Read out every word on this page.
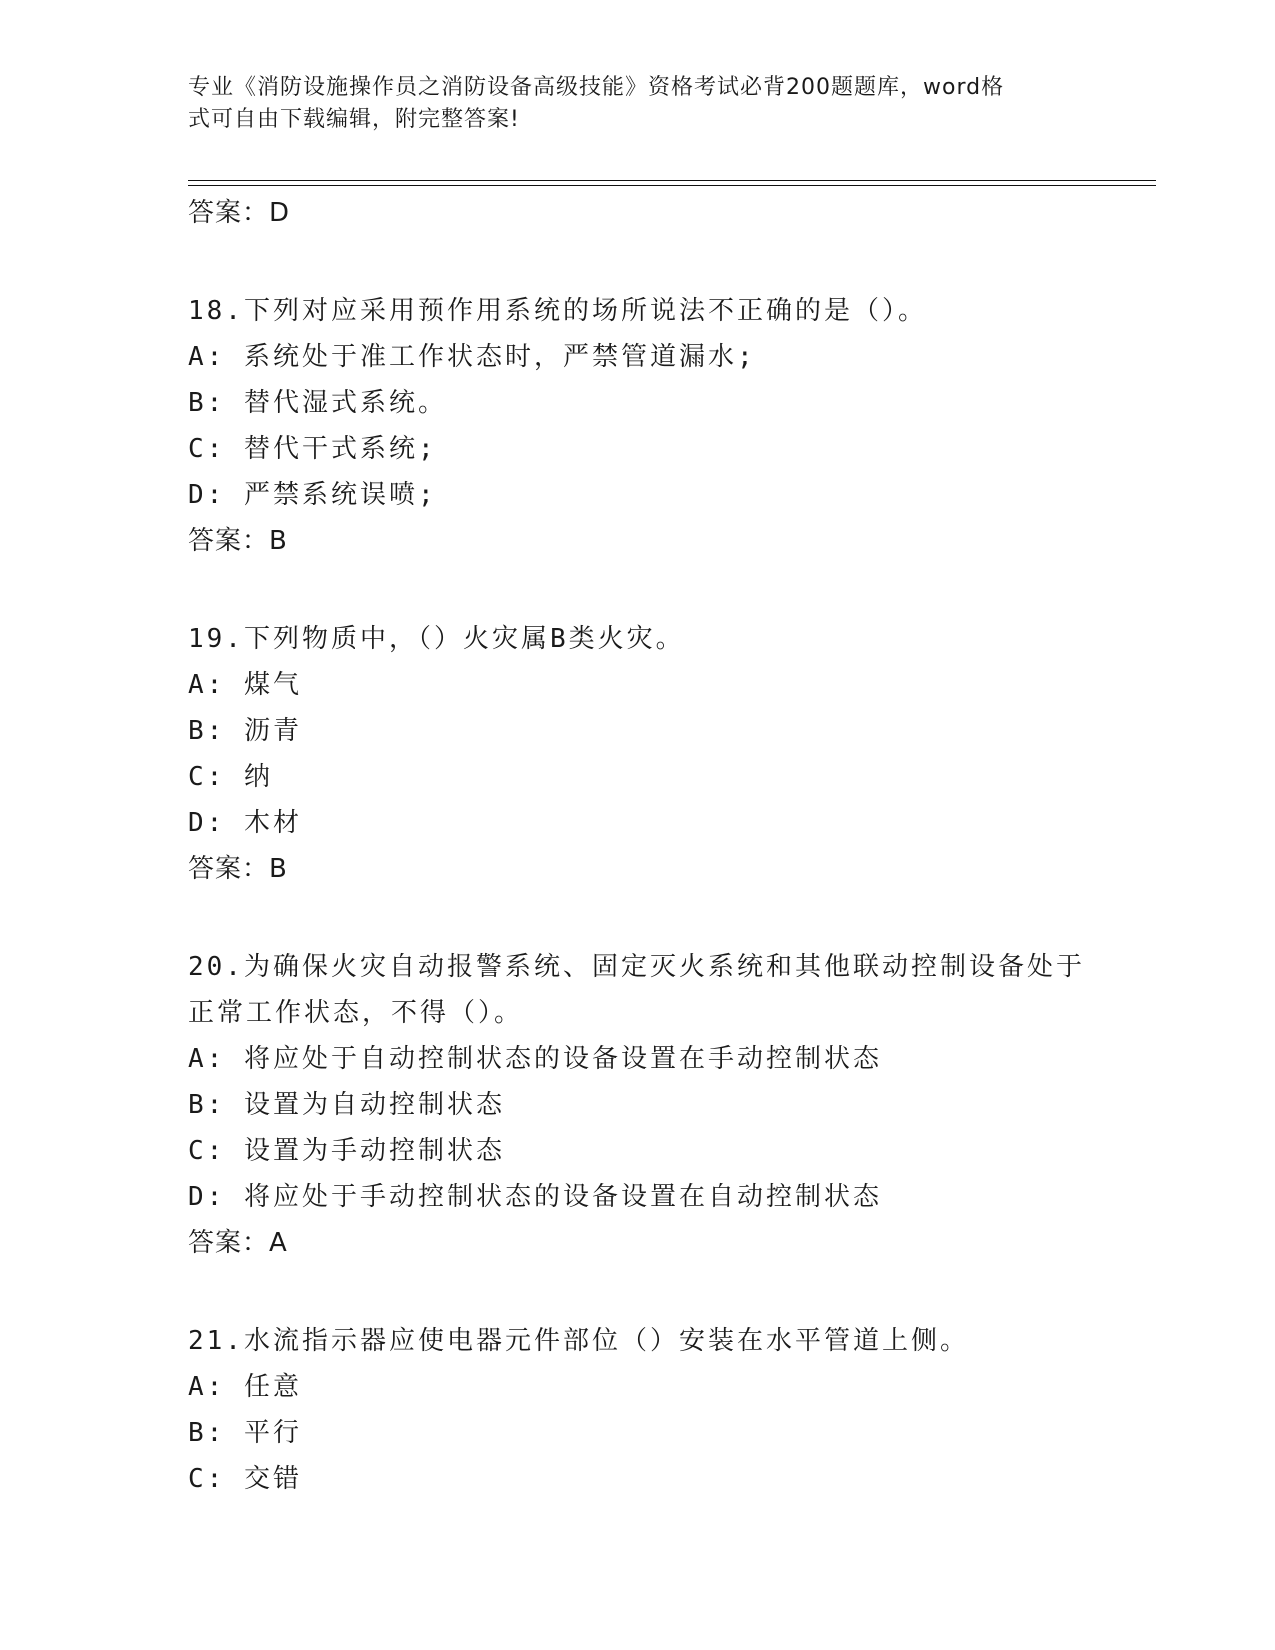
专业《消防设施操作员之消防设备高级技能》资格考试必背200题题库，word格
式可自由下载编辑，附完整答案!
答案：D
18.下列对应采用预作用系统的场所说法不正确的是（）。
A: 系统处于准工作状态时，严禁管道漏水;
B: 替代湿式系统。
C: 替代干式系统;
D: 严禁系统误喷;
答案：B
19.下列物质中，（）火灾属B类火灾。
A: 煤气
B: 沥青
C: 纳
D: 木材
答案：B
20.为确保火灾自动报警系统、固定灭火系统和其他联动控制设备处于
正常工作状态，不得（）。
A: 将应处于自动控制状态的设备设置在手动控制状态
B: 设置为自动控制状态
C: 设置为手动控制状态
D: 将应处于手动控制状态的设备设置在自动控制状态
答案：A
21.水流指示器应使电器元件部位（）安装在水平管道上侧。
A: 任意
B: 平行
C: 交错
